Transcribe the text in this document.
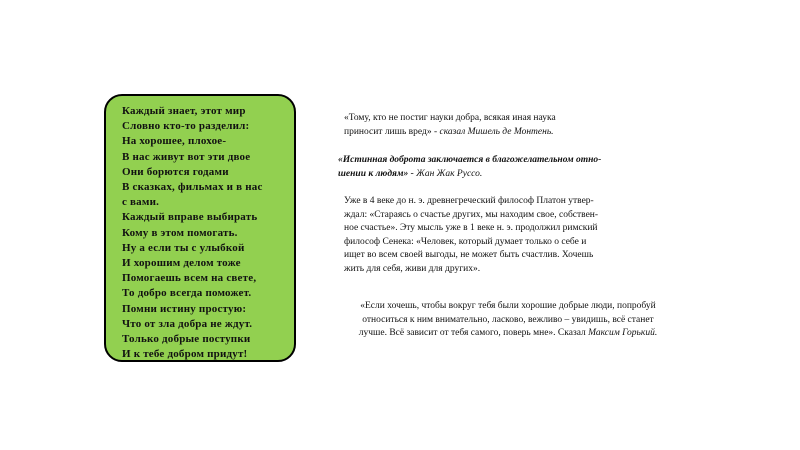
Каждый знает, этот мир
Словно кто-то разделил:
На хорошее, плохое-
В нас живут вот эти двое
Они борются годами
В сказках, фильмах и в нас
с вами.
Каждый вправе выбирать
Кому в этом помогать.
Ну а если ты с улыбкой
И хорошим делом тоже
Помогаешь всем на свете,
То добро всегда поможет.
Помни истину простую:
Что от зла добра не ждут.
Только добрые поступки
И к тебе добром придут!
«Тому, кто не постиг науки добра, всякая иная наука
приносит лишь вред» - сказал Мишель де Монтень.
«Истинная доброта заключается в благожелательном отно-
шении к людям» - Жан Жак Руссо.
Уже в 4 веке до н. э. древнегреческий философ Платон утвер-
ждал: «Стараясь о счастье других, мы находим свое, собствен-
ное счастье». Эту мысль уже в 1 веке н. э. продолжил римский
философ Сенека: «Человек, который думает только о себе и
ищет во всем своей выгоды, не может быть счастлив. Хочешь
жить для себя, живи для других».
«Если хочешь, чтобы вокруг тебя были хорошие добрые люди, попробуй
относиться к ним внимательно, ласково, вежливо – увидишь, всё станет
лучше. Всё зависит от тебя самого, поверь мне». Сказал Максим Горький.
